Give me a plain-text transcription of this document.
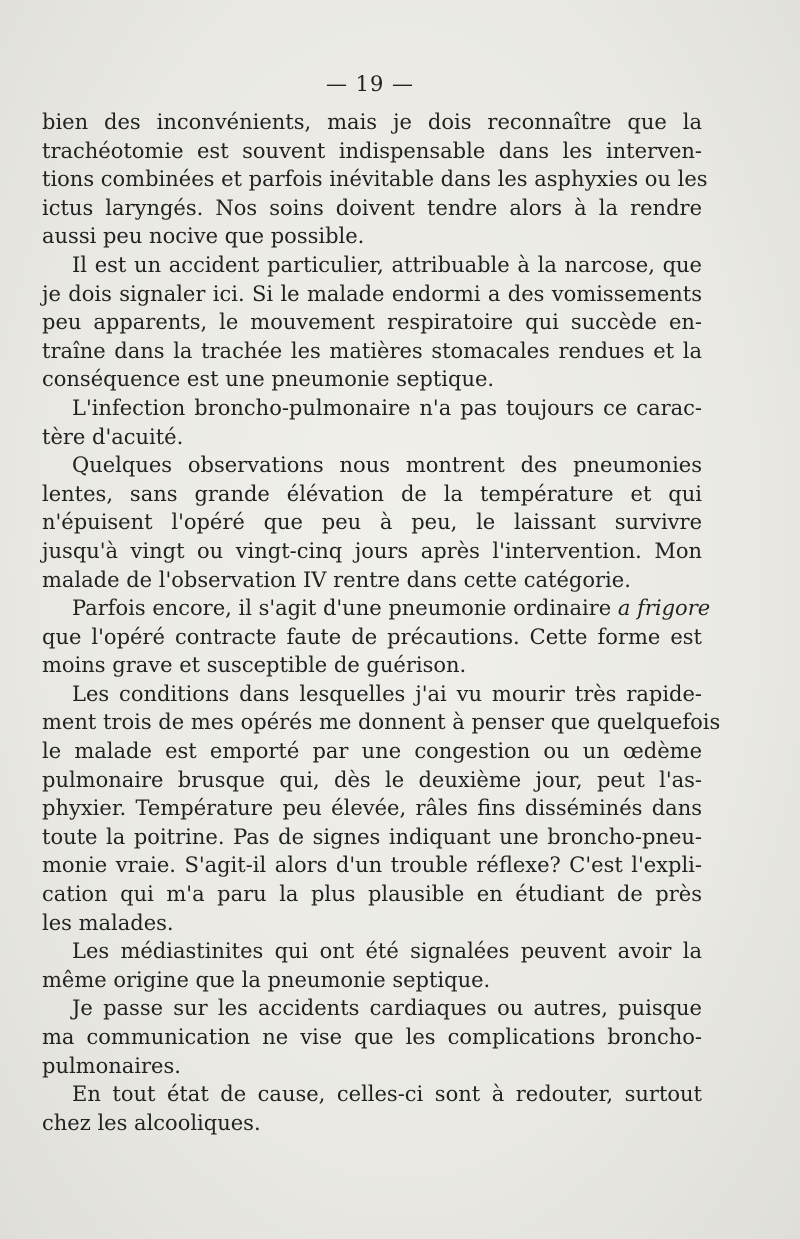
— 19 —
bien des inconvénients, mais je dois reconnaître que la
trachéotomie est souvent indispensable dans les interven-
tions combinées et parfois inévitable dans les asphyxies ou les
ictus laryngés. Nos soins doivent tendre alors à la rendre
aussi peu nocive que possible.
Il est un accident particulier, attribuable à la narcose, que
je dois signaler ici. Si le malade endormi a des vomissements
peu apparents, le mouvement respiratoire qui succède en-
traîne dans la trachée les matières stomacales rendues et la
conséquence est une pneumonie septique.
L'infection broncho-pulmonaire n'a pas toujours ce carac-
tère d'acuité.
Quelques observations nous montrent des pneumonies
lentes, sans grande élévation de la température et qui
n'épuisent l'opéré que peu à peu, le laissant survivre
jusqu'à vingt ou vingt-cinq jours après l'intervention. Mon
malade de l'observation IV rentre dans cette catégorie.
Parfois encore, il s'agit d'une pneumonie ordinaire a frigore
que l'opéré contracte faute de précautions. Cette forme est
moins grave et susceptible de guérison.
Les conditions dans lesquelles j'ai vu mourir très rapide-
ment trois de mes opérés me donnent à penser que quelquefois
le malade est emporté par une congestion ou un œdème
pulmonaire brusque qui, dès le deuxième jour, peut l'as-
phyxier. Température peu élevée, râles fins disséminés dans
toute la poitrine. Pas de signes indiquant une broncho-pneu-
monie vraie. S'agit-il alors d'un trouble réflexe? C'est l'expli-
cation qui m'a paru la plus plausible en étudiant de près
les malades.
Les médiastinites qui ont été signalées peuvent avoir la
même origine que la pneumonie septique.
Je passe sur les accidents cardiaques ou autres, puisque
ma communication ne vise que les complications broncho-
pulmonaires.
En tout état de cause, celles-ci sont à redouter, surtout
chez les alcooliques.
